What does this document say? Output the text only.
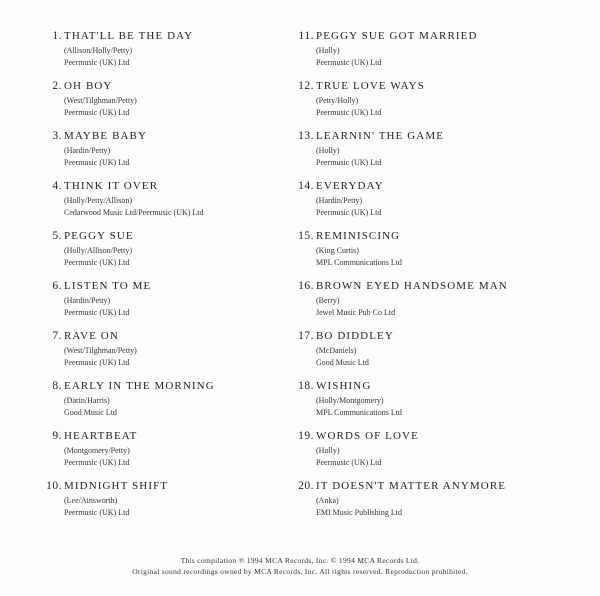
1. THAT'LL BE THE DAY
(Allison/Holly/Petty)
Peermusic (UK) Ltd
2. OH BOY
(West/Tilghman/Petty)
Peermusic (UK) Ltd
3. MAYBE BABY
(Hardin/Petty)
Peermusic (UK) Ltd
4. THINK IT OVER
(Holly/Petty/Allison)
Cedarwood Music Ltd/Peermusic (UK) Ltd
5. PEGGY SUE
(Holly/Allison/Petty)
Peermusic (UK) Ltd
6. LISTEN TO ME
(Hardin/Petty)
Peermusic (UK) Ltd
7. RAVE ON
(West/Tilghman/Petty)
Peermusic (UK) Ltd
8. EARLY IN THE MORNING
(Darin/Harris)
Good Music Ltd
9. HEARTBEAT
(Montgomery/Petty)
Peermusic (UK) Ltd
10. MIDNIGHT SHIFT
(Lee/Ainsworth)
Peermusic (UK) Ltd
11. PEGGY SUE GOT MARRIED
(Holly)
Peermusic (UK) Ltd
12. TRUE LOVE WAYS
(Petty/Holly)
Peermusic (UK) Ltd
13. LEARNIN' THE GAME
(Holly)
Peermusic (UK) Ltd
14. EVERYDAY
(Hardin/Petty)
Peermusic (UK) Ltd
15. REMINISCING
(King Curtis)
MPL Communications Ltd
16. BROWN EYED HANDSOME MAN
(Berry)
Jewel Music Pub Co Ltd
17. BO DIDDLEY
(McDaniels)
Good Music Ltd
18. WISHING
(Holly/Montgomery)
MPL Communications Ltd
19. WORDS OF LOVE
(Holly)
Peermusic (UK) Ltd
20. IT DOESN'T MATTER ANYMORE
(Anka)
EMI Music Publishing Ltd
This compilation ℗ 1994 MCA Records, Inc. © 1994 MCA Records Ltd.
Original sound recordings owned by MCA Records, Inc. All rights reserved. Reproduction prohibited.
